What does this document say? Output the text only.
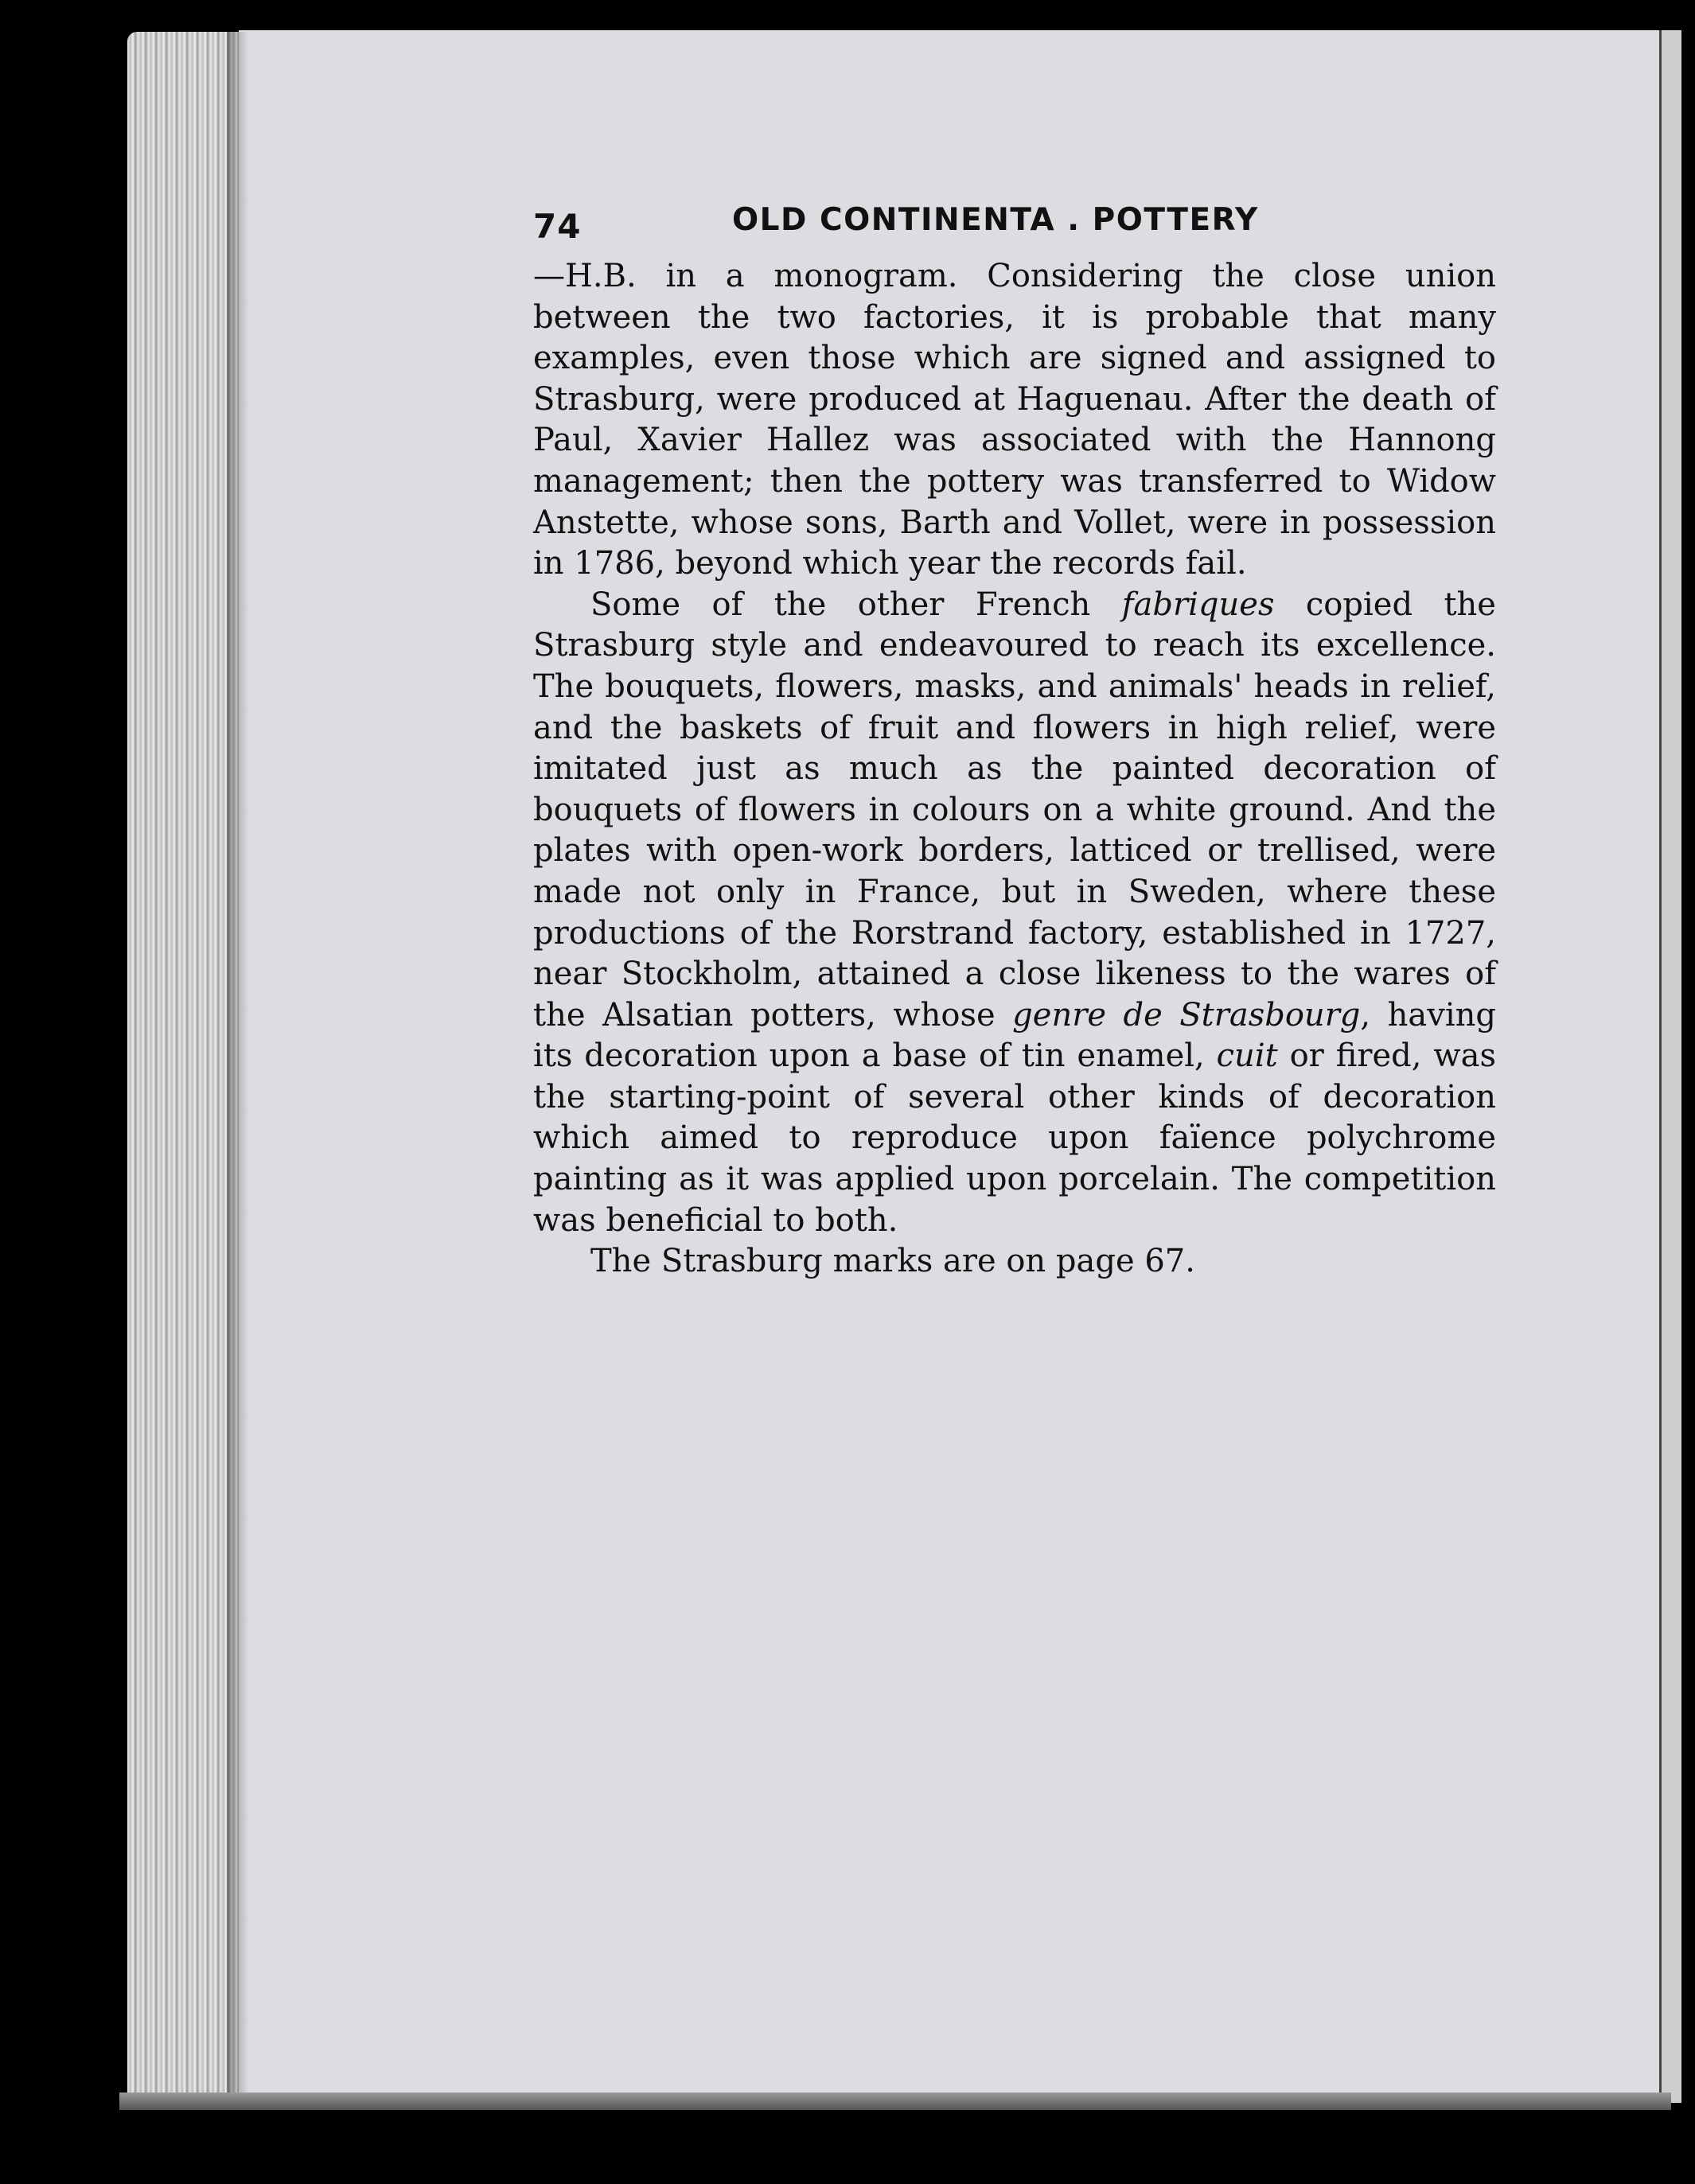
74	OLD CONTINENTA . POTTERY

—H.B. in a monogram. Considering the close union between the two factories, it is probable that many examples, even those which are signed and assigned to Strasburg, were produced at Haguenau. After the death of Paul, Xavier Hallez was associated with the Hannong management; then the pottery was transferred to Widow Anstette, whose sons, Barth and Vollet, were in possession in 1786, beyond which year the records fail.

Some of the other French fabriques copied the Strasburg style and endeavoured to reach its excellence. The bouquets, flowers, masks, and animals' heads in relief, and the baskets of fruit and flowers in high relief, were imitated just as much as the painted decoration of bouquets of flowers in colours on a white ground. And the plates with open-work borders, latticed or trellised, were made not only in France, but in Sweden, where these productions of the Rorstrand factory, established in 1727, near Stockholm, attained a close likeness to the wares of the Alsatian potters, whose genre de Strasbourg, having its decoration upon a base of tin enamel, cuit or fired, was the starting-point of several other kinds of decoration which aimed to reproduce upon faïence polychrome painting as it was applied upon porcelain. The competition was beneficial to both.

The Strasburg marks are on page 67.
